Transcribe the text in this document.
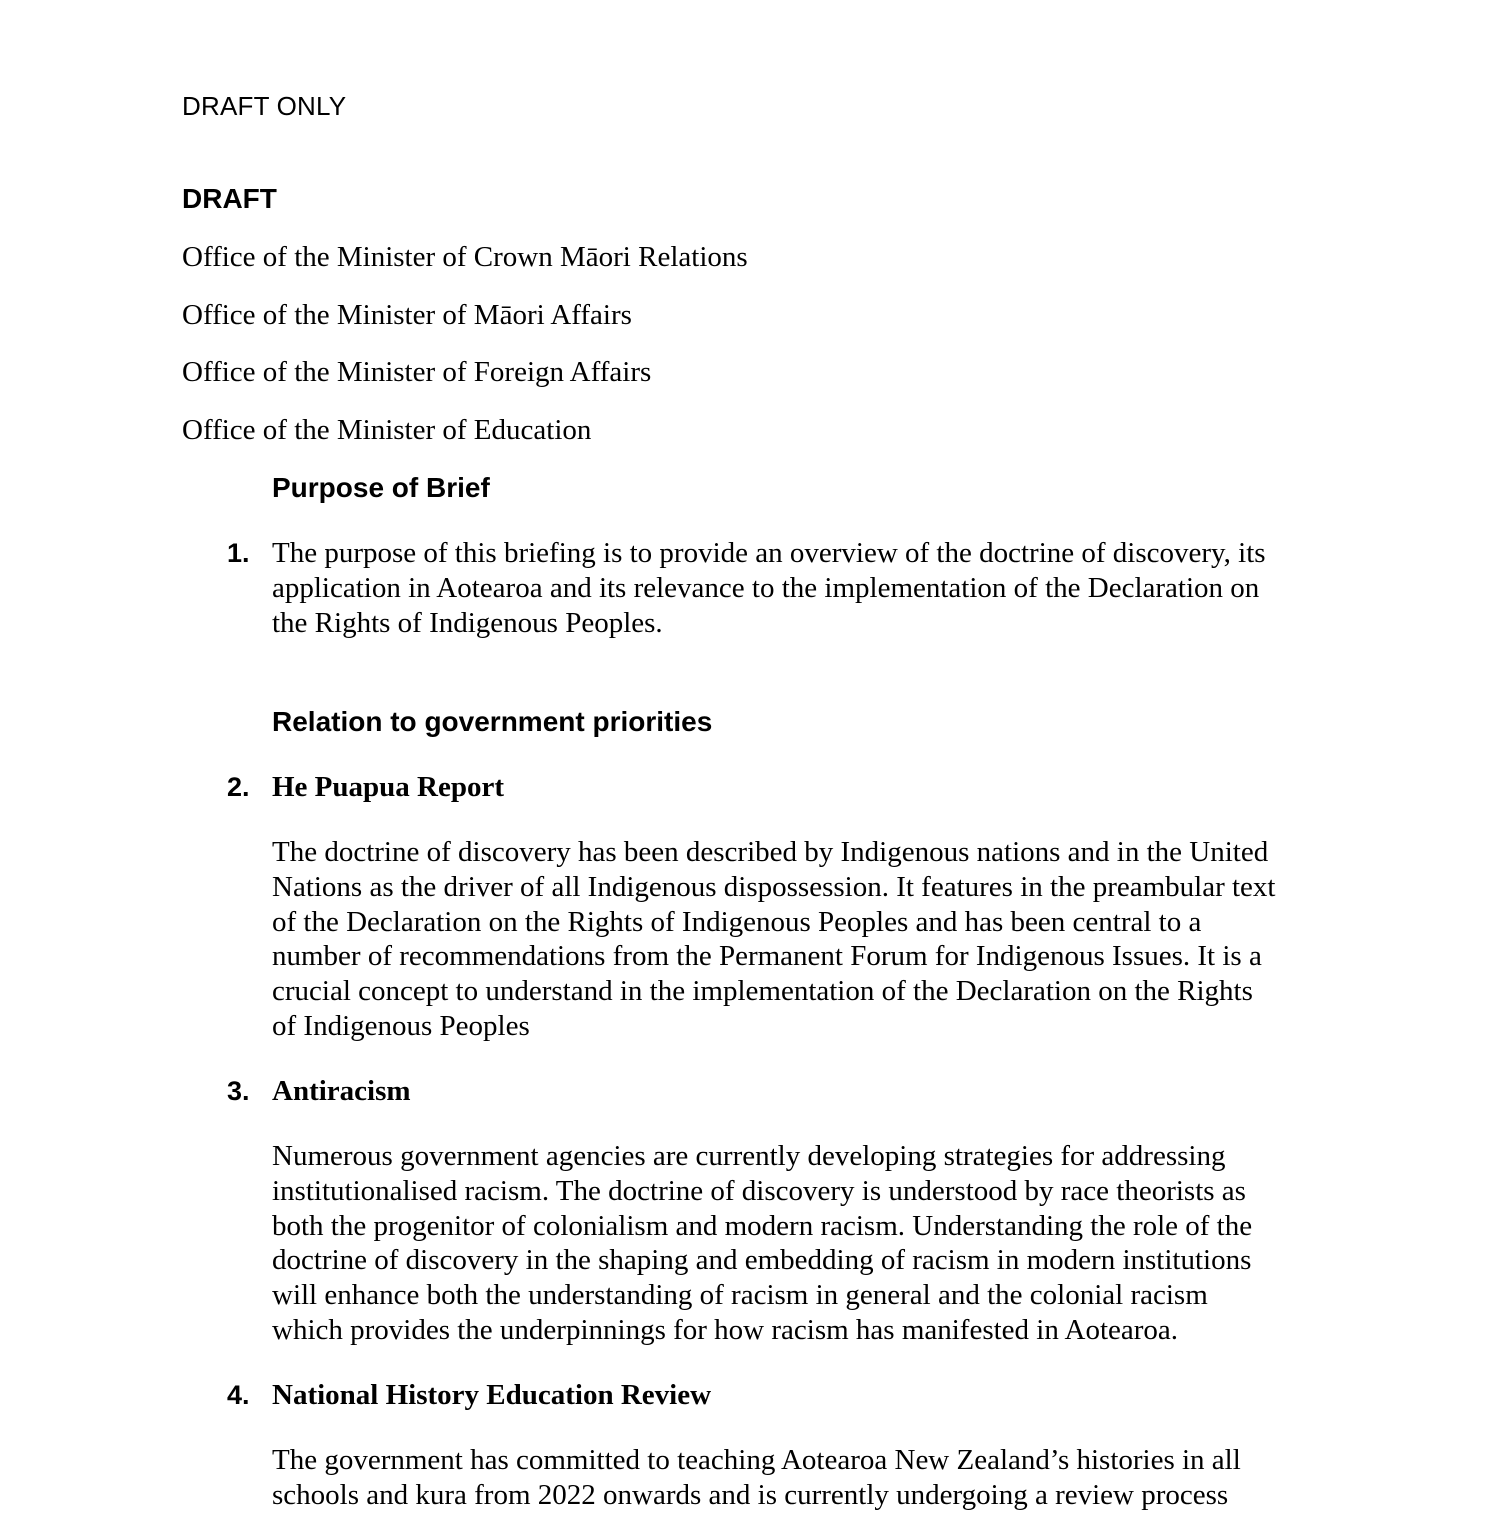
DRAFT ONLY
DRAFT
Office of the Minister of Crown Māori Relations
Office of the Minister of Māori Affairs
Office of the Minister of Foreign Affairs
Office of the Minister of Education
Purpose of Brief
1. The purpose of this briefing is to provide an overview of the doctrine of discovery, its
application in Aotearoa and its relevance to the implementation of the Declaration on
the Rights of Indigenous Peoples.
Relation to government priorities
2. He Puapua Report
The doctrine of discovery has been described by Indigenous nations and in the United
Nations as the driver of all Indigenous dispossession. It features in the preambular text
of the Declaration on the Rights of Indigenous Peoples and has been central to a
number of recommendations from the Permanent Forum for Indigenous Issues. It is a
crucial concept to understand in the implementation of the Declaration on the Rights
of Indigenous Peoples
3. Antiracism
Numerous government agencies are currently developing strategies for addressing
institutionalised racism. The doctrine of discovery is understood by race theorists as
both the progenitor of colonialism and modern racism. Understanding the role of the
doctrine of discovery in the shaping and embedding of racism in modern institutions
will enhance both the understanding of racism in general and the colonial racism
which provides the underpinnings for how racism has manifested in Aotearoa.
4. National History Education Review
The government has committed to teaching Aotearoa New Zealand’s histories in all
schools and kura from 2022 onwards and is currently undergoing a review process
